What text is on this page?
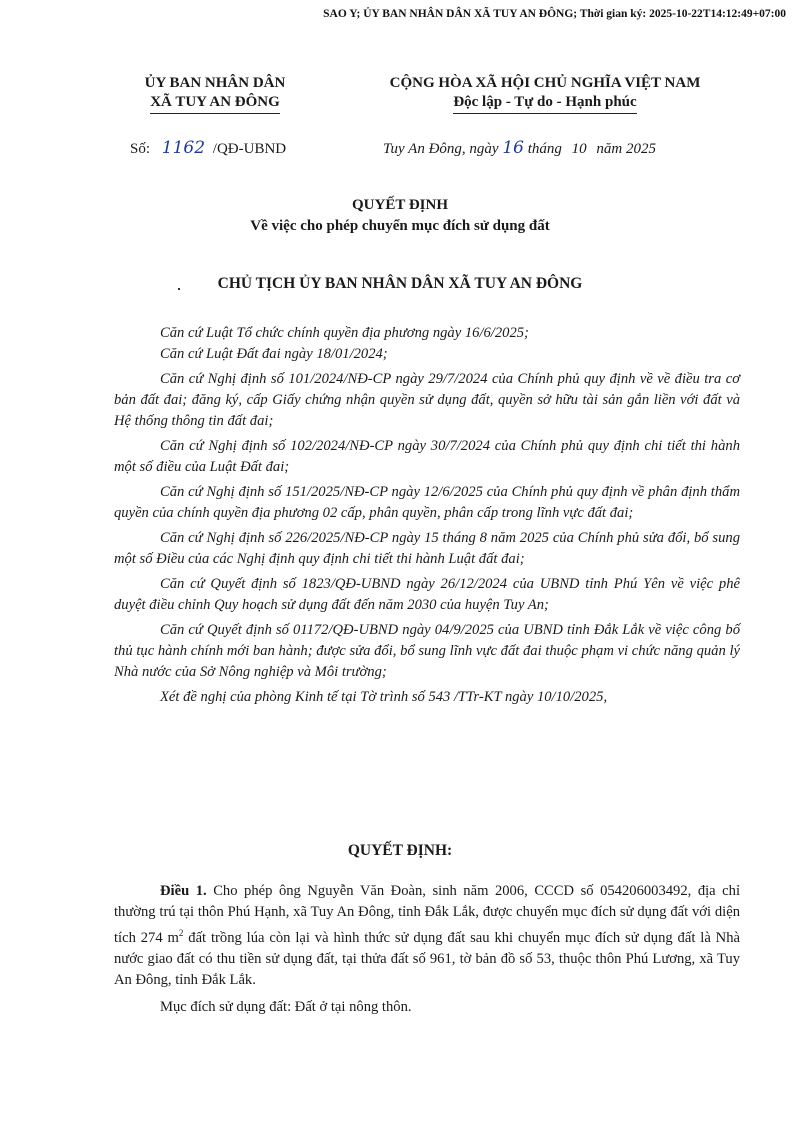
SAO Y; ỦY BAN NHÂN DÂN XÃ TUY AN ĐÔNG; Thời gian ký: 2025-10-22T14:12:49+07:00
ỦY BAN NHÂN DÂN
XÃ TUY AN ĐÔNG
CỘNG HÒA XÃ HỘI CHỦ NGHĨA VIỆT NAM
Độc lập - Tự do - Hạnh phúc
Số: 1162 /QĐ-UBND	Tuy An Đông, ngày 16 tháng 10 năm 2025
QUYẾT ĐỊNH
Về việc cho phép chuyển mục đích sử dụng đất
CHỦ TỊCH ỦY BAN NHÂN DÂN XÃ TUY AN ĐÔNG

Căn cứ Luật Tổ chức chính quyền địa phương ngày 16/6/2025;

Căn cứ Luật Đất đai ngày 18/01/2024;

Căn cứ Nghị định số 101/2024/NĐ-CP ngày 29/7/2024 của Chính phủ quy định về về điều tra cơ bản đất đai; đăng ký, cấp Giấy chứng nhận quyền sử dụng đất, quyền sở hữu tài sản gắn liền với đất và Hệ thống thông tin đất đai;

Căn cứ Nghị định số 102/2024/NĐ-CP ngày 30/7/2024 của Chính phủ quy định chi tiết thi hành một số điều của Luật Đất đai;

Căn cứ Nghị định số 151/2025/NĐ-CP ngày 12/6/2025 của Chính phủ quy định về phân định thẩm quyền của chính quyền địa phương 02 cấp, phân quyền, phân cấp trong lĩnh vực đất đai;

Căn cứ Nghị định số 226/2025/NĐ-CP ngày 15 tháng 8 năm 2025 của Chính phủ sửa đổi, bổ sung một số Điều của các Nghị định quy định chi tiết thi hành Luật đất đai;

Căn cứ Quyết định số 1823/QĐ-UBND ngày 26/12/2024 của UBND tỉnh Phú Yên về việc phê duyệt điều chỉnh Quy hoạch sử dụng đất đến năm 2030 của huyện Tuy An;

Căn cứ Quyết định số 01172/QĐ-UBND ngày 04/9/2025 của UBND tỉnh Đắk Lắk về việc công bố thủ tục hành chính mới ban hành; được sửa đổi, bổ sung lĩnh vực đất đai thuộc phạm vi chức năng quản lý Nhà nước của Sở Nông nghiệp và Môi trường;

Xét đề nghị của phòng Kinh tế tại Tờ trình số 543 /TTr-KT ngày 10/10/2025,

QUYẾT ĐỊNH:

Điều 1. Cho phép ông Nguyễn Văn Đoàn, sinh năm 2006, CCCD số 054206003492, địa chỉ thường trú tại thôn Phú Hạnh, xã Tuy An Đông, tỉnh Đắk Lắk, được chuyển mục đích sử dụng đất với diện tích 274 $m^2$ đất trồng lúa còn lại và hình thức sử dụng đất sau khi chuyển mục đích sử dụng đất là Nhà nước giao đất có thu tiền sử dụng đất, tại thửa đất số 961, tờ bản đồ số 53, thuộc thôn Phú Lương, xã Tuy An Đông, tỉnh Đắk Lắk.

Mục đích sử dụng đất: Đất ở tại nông thôn.
